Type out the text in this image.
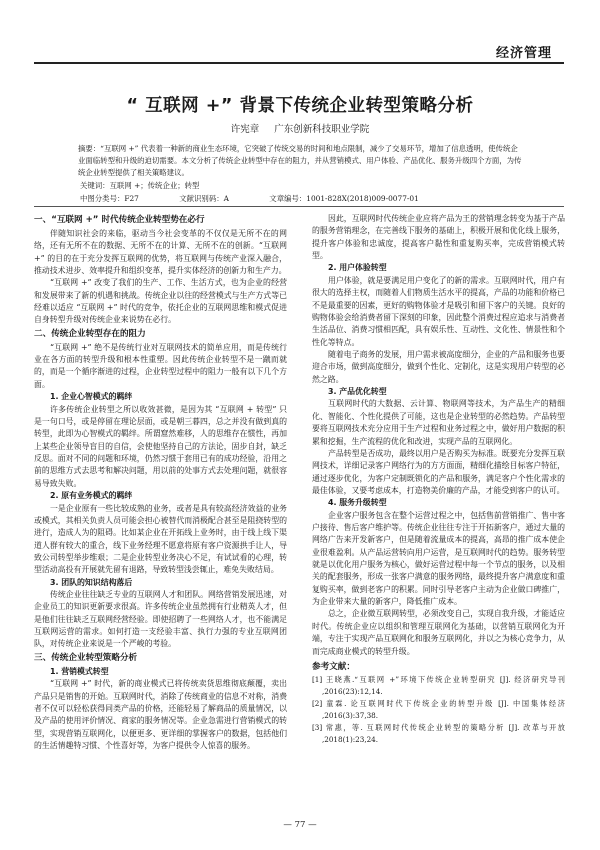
经济管理
“ 互联网 +” 背景下传统企业转型策略分析
许宪章 广东创新科技职业学院
摘要：“互联网 +” 代表着一种新的商业生态环境，它突破了传统交易的时间和地点限制，减少了交易环节，增加了信息透明，使传统企业面临转型和升级的迫切需要。本文分析了传统企业转型中存在的阻力，并从营销模式、用户体验、产品优化、服务升级四个方面，为传统企业转型提供了相关策略建议。
关键词：互联网 +；传统企业；转型
中图分类号：F27	文献识别码：A	文章编号：1001-828X(2018)009-0077-01
一、“互联网 +” 时代传统企业转型势在必行

伴随知识社会的来临，驱动当今社会变革的不仅仅是无所不在的网络，还有无所不在的数据、无所不在的计算、无所不在的创新。“互联网 +” 的目的在于充分发挥互联网的优势，将互联网与传统产业深入融合，推动技术进步、效率提升和组织变革，提升实体经济的创新力和生产力。

“互联网 +” 改变了我们的生产、工作、生活方式，也为企业的经营和发展带来了新的机遇和挑战。传统企业以往的经营模式与生产方式等已经难以适应 “互联网 +” 时代的竞争，依托企业的互联网思维和模式促进自身转型升级对传统企业来说势在必行。

二、传统企业转型存在的阻力

“互联网 +” 绝不是传统行业对互联网技术的简单应用，而是传统行业在各方面的转型升级和根本性重塑。因此传统企业转型不是一蹴而就的，而是一个循序渐进的过程，企业转型过程中的阻力一般有以下几个方面。

1. 企业心智模式的羁绊

许多传统企业转型之所以收效甚微，是因为其 “互联网 + 转型” 只是一句口号，或是停留在理论层面，或是朝三暮四，总之并没有做到真的转型，此即为心智模式的羁绊。所谓窟然难移，人的思维存在惯性，再加上某些企业领导盲目的自信，会使他坚持自己的方法论，固步自封，缺乏反思。面对不同的问题和环境，仍然习惯于套用已有的成功经验，沿用之前的思维方式去思考和解决问题，用以前的处事方式去处理问题，就很容易导致失败。

2. 原有业务模式的羁绊

一是企业原有一些比较成熟的业务，或者是具有较高经济效益的业务或模式，其相关负责人员可能会担心被替代而消极配合甚至是阻挠转型的进行，造成人为的阻碍。比如某企业在开拓线上业务时，由于线上线下渠道人群有较大的重合，线下业务经理不愿意将原有客户资源拱手让人，导致公司转型举步维艰；二是企业转型业务决心不足，有试试看的心理，转型活动高投有开展就先留有退路，导致转型浅尝辄止，难免失败结局。

3. 团队的知识结构落后

传统企业往往缺乏专业的互联网人才和团队。网络营销发展迅速，对企业员工的知识更新要求很高。许多传统企业虽然拥有行业精英人才，但是他们往往缺乏互联网经营经验。即使招聘了一些网络人才，也不能满足互联网运营的需求。如何打造一支经验丰富、执行力强的专业互联网团队，对传统企业来说是一个严峻的考验。

三、传统企业转型策略分析
1. 营销模式转型

“互联网 +” 时代，新的商业模式已将传统卖货思维彻底颠覆，卖出产品只是销售的开始。互联网时代，消除了传统商业的信息不对称，消费者不仅可以轻松获得同类产品的价格，还能轻易了解商品的质量情况，以及产品的使用评价情况、商家的服务情况等。企业急需进行营销模式的转型，实现营销互联网化，以便更多、更详细的掌握客户的数据，包括他们的生活情趣特习惯、个性喜好等，为客户提供令人惊喜的服务。

因此，互联网时代传统企业应将产品为王的营销理念转变为基于产品的服务营销理念，在完善线下服务的基础上，积极开展和优化线上服务，提升客户体验和忠诚度，提高客户黏性和重复购买率，完成营销模式转型。

2. 用户体验转型

用户体验，就是要满足用户变化了的新的需求。互联网时代，用户有很大的选择主权，而随着人们物质生活水平的提高，产品的功能和价格已不是最重要的因素，更好的购物体验才是吸引和留下客户的关键。良好的购物体验会给消费者留下深刻的印象，因此整个消费过程应追求与消费者生活品位、消费习惯相匹配，具有娱乐性、互动性、文化性、情景性和个性化等特点。

随着电子商务的发展，用户需求被高度细分，企业的产品和服务也要迎合市场，做到高度细分，做到个性化、定制化，这是实现用户转型的必然之路。

3. 产品优化转型

互联网时代的大数据、云计算、物联网等技术，为产品生产的精细化、智能化、个性化提供了可能，这也是企业转型的必然趋势。产品转型要将互联网技术充分应用于生产过程和业务过程之中，做好用户数据的积累和挖掘，生产流程的优化和改进，实现产品的互联网化。

产品转型是否成功，最终以用户是否购买为标准。既要充分发挥互联网技术，详细记录客户网络行为的方方面面，精细化描绘目标客户特征，通过逐步优化，为客户定制既锁化的产品和服务，满足客户个性化需求的最佳体验，又要考虑成本，打造物美价廉的产品，才能受到客户的认可。

4. 服务升级转型

企业客户服务包含在整个运营过程之中，包括售前营销推广、售中客户接待、售后客户维护等。传统企业往往专注于开拓新客户，通过大量的网络广告来开发新客户，但是随着流量成本的提高，高昂的推广成本使企业很难盈利。从产品运营转向用户运营，是互联网时代的趋势。服务转型就是以优化用户服务为核心，做好运营过程中每一个节点的服务，以及相关的配套服务，形成一张客户满意的服务网络，最终提升客户满意度和重复购买率，做到老客户的积累。同时引导老客户主动为企业做口碑推广，为企业带来大量的新客户，降低推广成本。

总之，企业微互联网转型，必须改变自己，实现自我升级，才能适应时代。传统企业应以组织和管理互联网化为基础，以营销互联网化为开端，专注于实现产品互联网化和服务互联网化，并以之为核心竞争力，从而完成商业模式的转型升级。

参考文献：

[1] 王晓燕.“互联网 +”环境下传统企业转型研究 [J]. 经济研究导刊 ,2016(23):12,14.

[2] 童霖. 论互联网时代下传统企业的转型升级 [J]. 中国集体经济 ,2016(3):37,38.

[3] 常惠，等. 互联网时代传统企业转型的策略分析 [J]. 改革与开放 ,2018(1):23,24.

— 77 —
